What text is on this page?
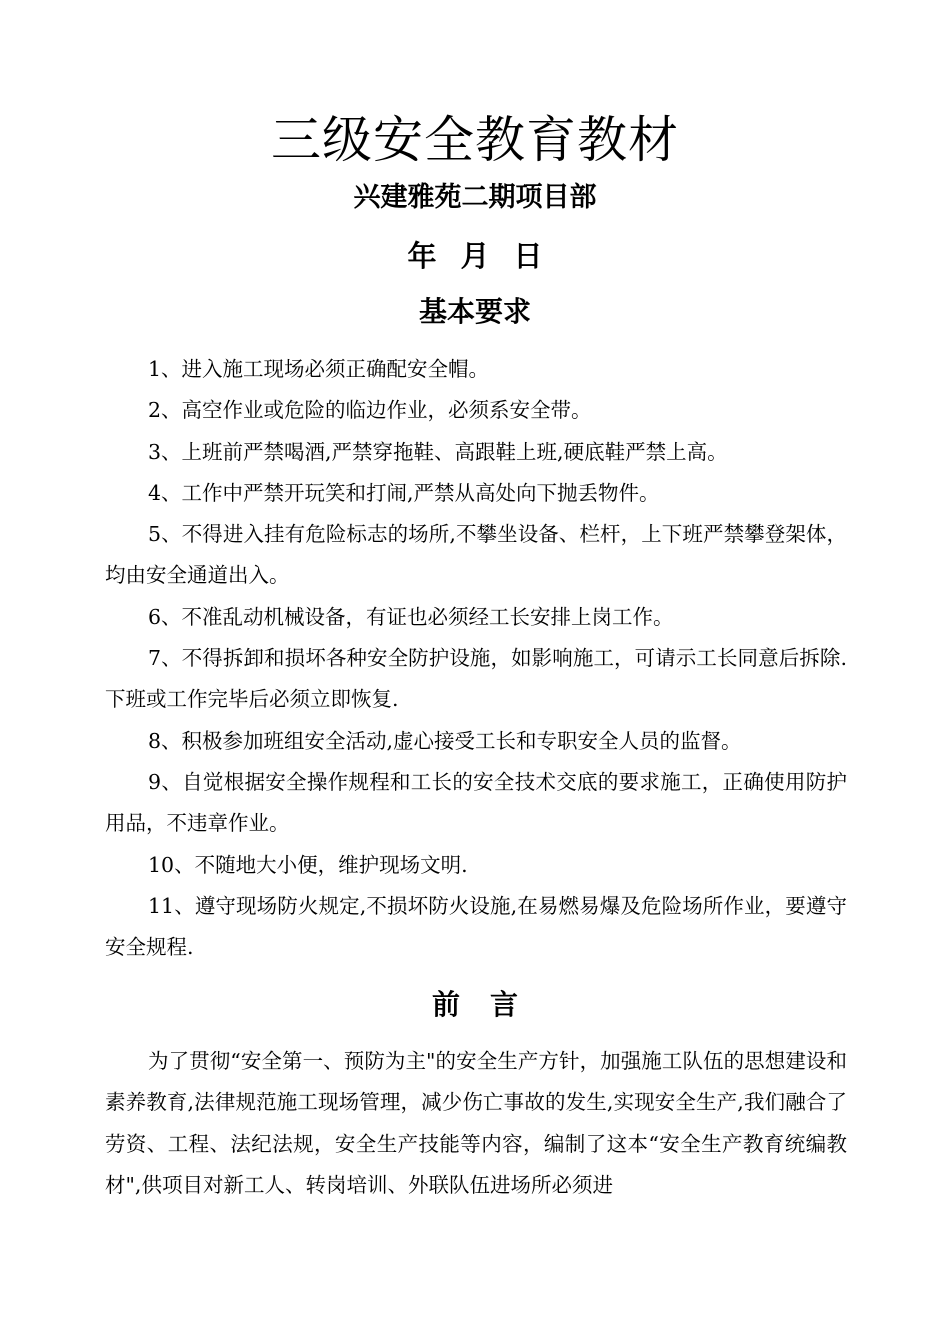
三级安全教育教材
兴建雅苑二期项目部
年 月 日
基本要求

1、进入施工现场必须正确配安全帽。

2、高空作业或危险的临边作业，必须系安全带。

3、上班前严禁喝酒,严禁穿拖鞋、高跟鞋上班,硬底鞋严禁上高。

4、工作中严禁开玩笑和打闹,严禁从高处向下抛丢物件。

5、不得进入挂有危险标志的场所,不攀坐设备、栏杆，上下班严禁攀登架体，均由安全通道出入。

6、不准乱动机械设备，有证也必须经工长安排上岗工作。

7、不得拆卸和损坏各种安全防护设施，如影响施工，可请示工长同意后拆除.下班或工作完毕后必须立即恢复.

8、积极参加班组安全活动,虚心接受工长和专职安全人员的监督。

9、自觉根据安全操作规程和工长的安全技术交底的要求施工，正确使用防护用品，不违章作业。

10、不随地大小便，维护现场文明.

11、遵守现场防火规定,不损坏防火设施,在易燃易爆及危险场所作业，要遵守安全规程.

前言

为了贯彻“安全第一、预防为主"的安全生产方针，加强施工队伍的思想建设和素养教育,法律规范施工现场管理，减少伤亡事故的发生,实现安全生产,我们融合了劳资、工程、法纪法规，安全生产技能等内容，编制了这本“安全生产教育统编教材",供项目对新工人、转岗培训、外联队伍进场所必须进
